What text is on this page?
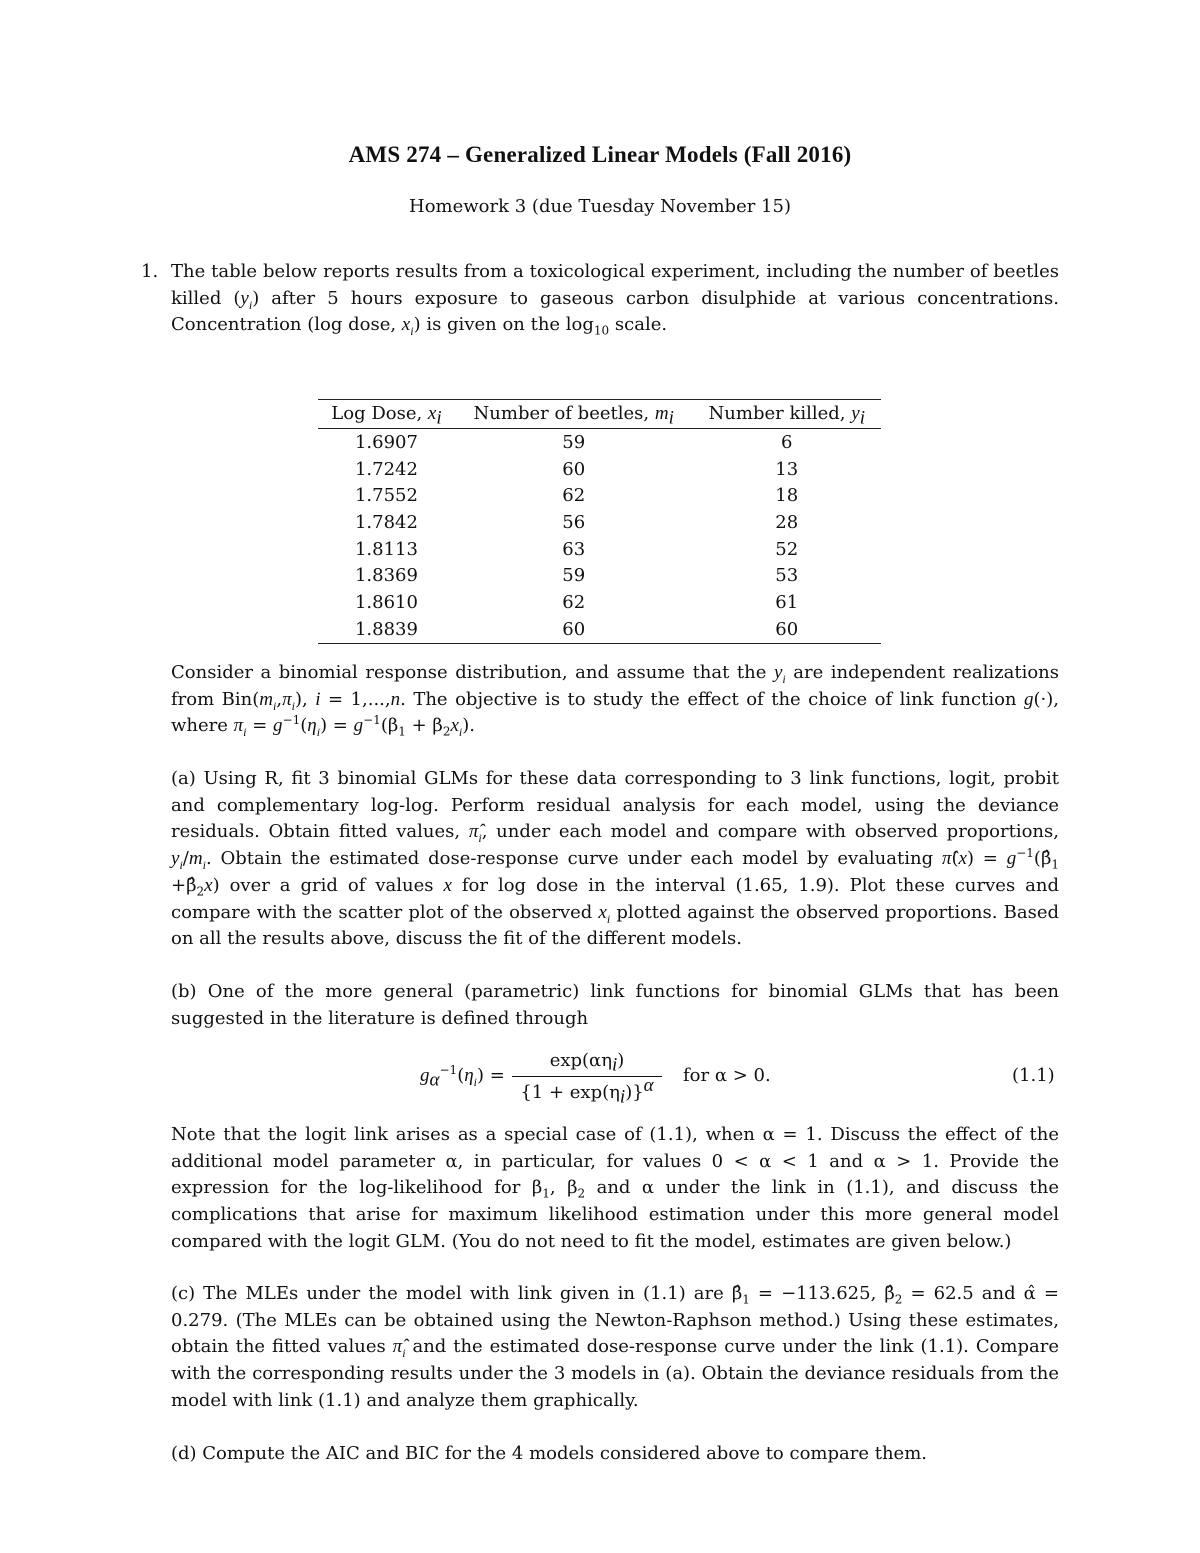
AMS 274 – Generalized Linear Models (Fall 2016)
Homework 3 (due Tuesday November 15)
1. The table below reports results from a toxicological experiment, including the number of beetles killed $(y_i)$ after 5 hours exposure to gaseous carbon disulphide at various concentrations. Concentration (log dose, $x_i$) is given on the $\log_{10}$ scale.
Log Dose, $x_i$	Number of beetles, $m_i$	Number killed, $y_i$
1.6907	59	6
1.7242	60	13
1.7552	62	18
1.7842	56	28
1.8113	63	52
1.8369	59	53
1.8610	62	61
1.8839	60	60
Consider a binomial response distribution, and assume that the $y_i$ are independent realizations from $Bin(m_i,\pi_i)$, i = 1,...,n. The objective is to study the effect of the choice of link function g(·), where $\pi_i = g^{-1}(\eta_i) = g^{-1}(\beta_1 + \beta_2x_i)$.
(a) Using R, fit 3 binomial GLMs for these data corresponding to 3 link functions, logit, probit and complementary log-log. Perform residual analysis for each model, using the deviance residuals. Obtain fitted values, $\pî_i$, under each model and compare with observed proportions, $y_i/m_i$. Obtain the estimated dose-response curve under each model by evaluating π̂(x) = $g^{-1}(\betâ_1$ $+\betâ_2x$) over a grid of values x for log dose in the interval (1.65, 1.9). Plot these curves and compare with the scatter plot of the observed $x_i$ plotted against the observed proportions. Based on all the results above, discuss the fit of the different models.
(b) One of the more general (parametric) link functions for binomial GLMs that has been suggested in the literature is defined through
$g_\alpha^{-1}(\eta_i)$ =
$\exp(\alpha\eta_i)$
$\{1 + \exp(\eta_i)\}^\alpha$	for α > 0.	(1.1)
Note that the logit link arises as a special case of (1.1), when α = 1. Discuss the effect of the additional model parameter α, in particular, for values 0 < α < 1 and α > 1. Provide the expression for the log-likelihood for $\beta_1$, $\beta_2$ and α under the link in (1.1), and discuss the complications that arise for maximum likelihood estimation under this more general model compared with the logit GLM. (You do not need to fit the model, estimates are given below.)
(c) The MLEs under the model with link given in (1.1) are $\betâ_1 = -113.625$, $\betâ_2 = 62.5$ and α̂ = 0.279. (The MLEs can be obtained using the Newton-Raphson method.) Using these estimates, obtain the fitted values $\pî_i$ and the estimated dose-response curve under the link (1.1). Compare with the corresponding results under the 3 models in (a). Obtain the deviance residuals from the model with link (1.1) and analyze them graphically.
(d) Compute the AIC and BIC for the 4 models considered above to compare them.
